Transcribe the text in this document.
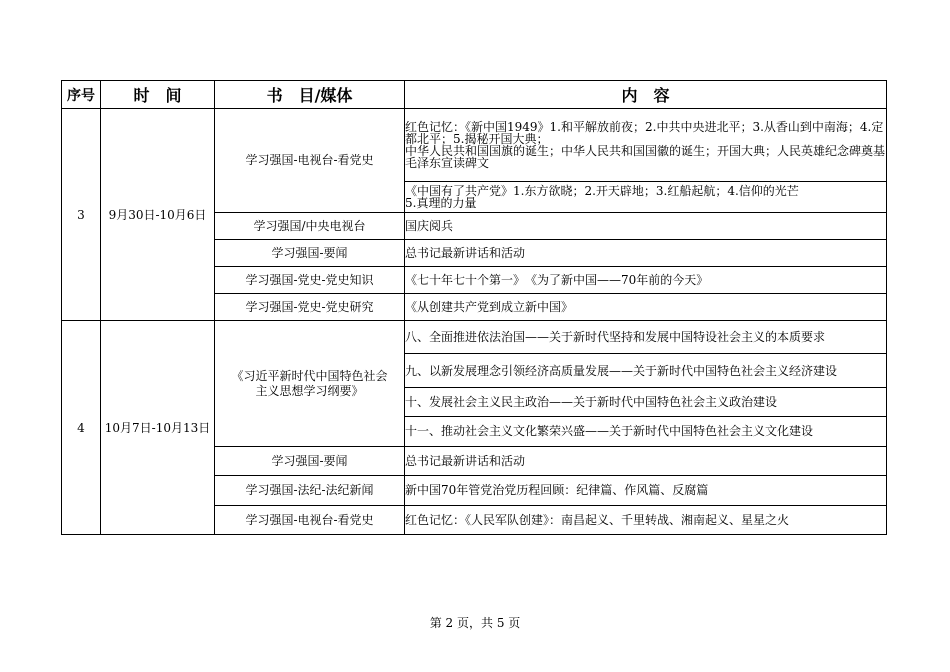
序号	时　间	书　目/媒体	内　容
3	9月30日-10月6日	学习强国-电视台-看党史	红色记忆：《新中国1949》1.和平解放前夜；2.中共中央进北平；3.从香山到中南海；4.定都北平；5.揭秘开国大典；
中华人民共和国国旗的诞生；中华人民共和国国徽的诞生；开国大典；人民英雄纪念碑奠基 毛泽东宣读碑文
			《中国有了共产党》1.东方欲晓；2.开天辟地；3.红船起航；4.信仰的光芒
5.真理的力量
		学习强国/中央电视台	国庆阅兵
		学习强国-要闻	总书记最新讲话和活动
		学习强国-党史-党史知识	《七十年七十个第一》　《为了新中国——70年前的今天》
		学习强国-党史-党史研究	《从创建共产党到成立新中国》
4	10月7日-10月13日	《习近平新时代中国特色社会主义思想学习纲要》	八、全面推进依法治国——关于新时代坚持和发展中国特设社会主义的本质要求
			九、以新发展理念引领经济高质量发展——关于新时代中国特色社会主义经济建设
			十、发展社会主义民主政治——关于新时代中国特色社会主义政治建设
			十一、推动社会主义文化繁荣兴盛——关于新时代中国特色社会主义文化建设
		学习强国-要闻	总书记最新讲话和活动
		学习强国-法纪-法纪新闻	新中国70年管党治党历程回顾：纪律篇、作风篇、反腐篇
		学习强国-电视台-看党史	红色记忆：《人民军队创建》：南昌起义、千里转战、湘南起义、星星之火
第 2 页，共 5 页
